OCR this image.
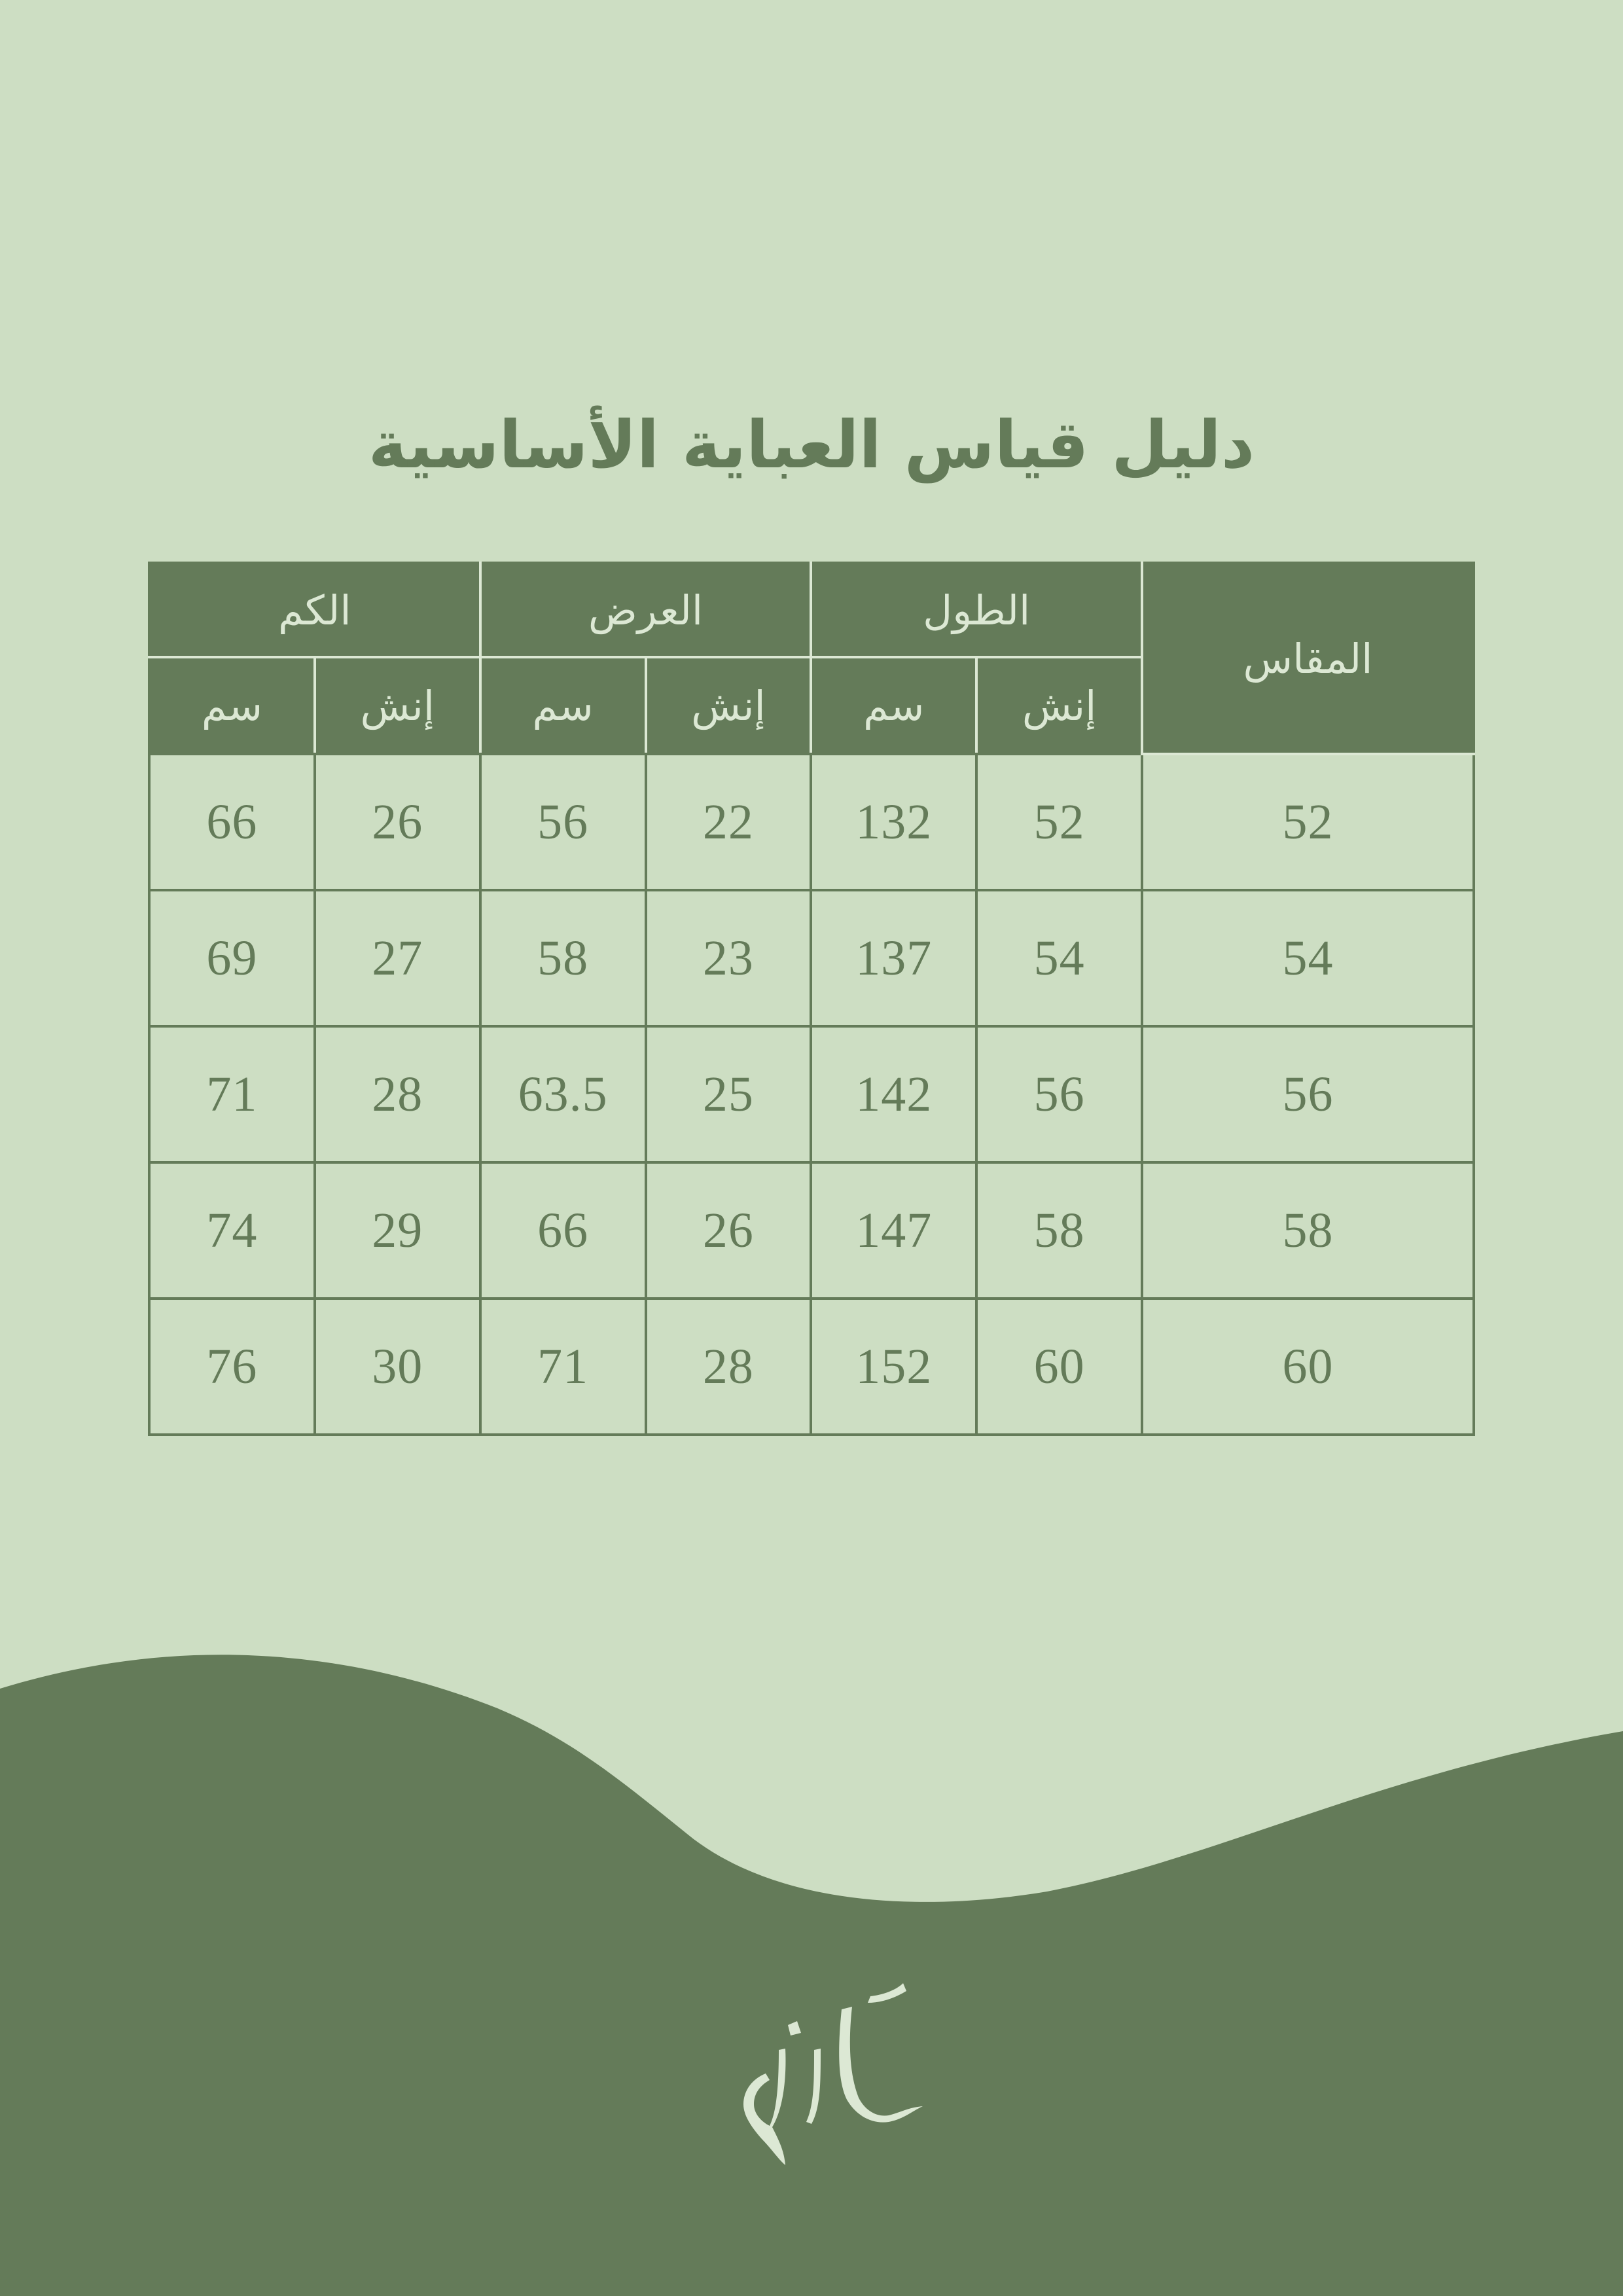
دليل قياس العباية الأساسية
المقاس	الطول		العرض		الكم	
	إنش	سم	إنش	سم	إنش	سم
52	52	132	22	56	26	66
54	54	137	23	58	27	69
56	56	142	25	63.5	28	71
58	58	147	26	66	29	74
60	60	152	28	71	30	76
